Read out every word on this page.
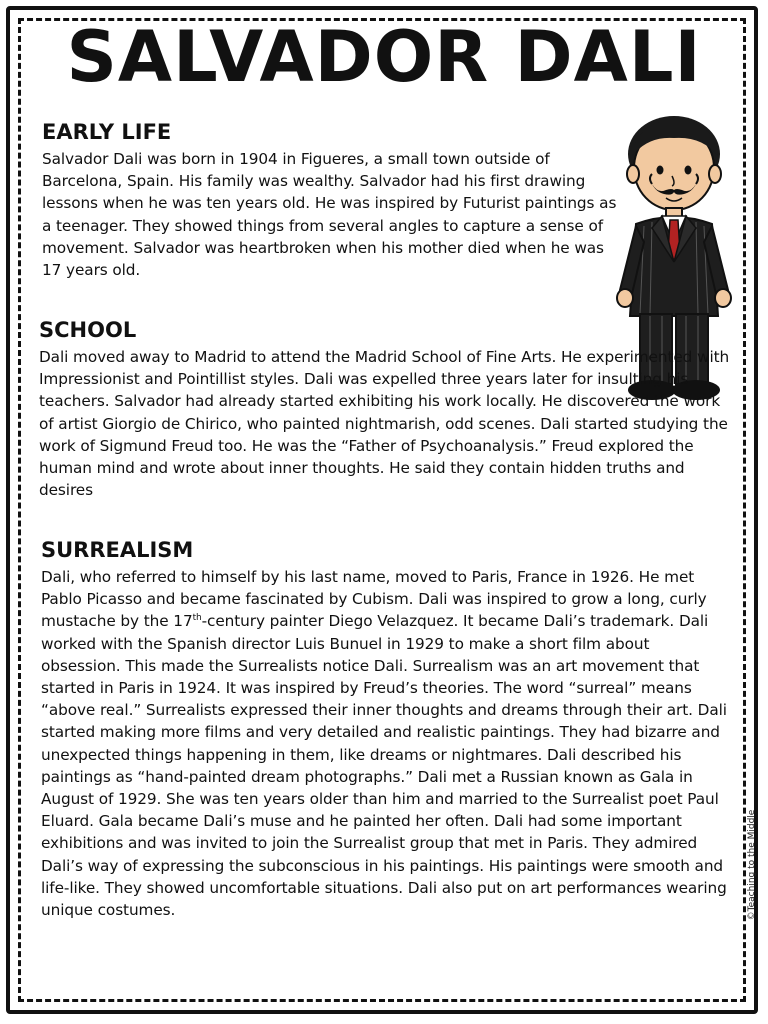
SALVADOR DALI
EARLY LIFE

Salvador Dali was born in 1904 in Figueres, a small town outside of Barcelona, Spain. His family was wealthy. Salvador had his first drawing lessons when he was ten years old. He was inspired by Futurist paintings as a teenager. They showed things from several angles to capture a sense of movement. Salvador was heartbroken when his mother died when he was 17 years old.

SCHOOL

Dali moved away to Madrid to attend the Madrid School of Fine Arts. He experimented with Impressionist and Pointillist styles. Dali was expelled three years later for insulting his teachers. Salvador had already started exhibiting his work locally. He discovered the work of artist Giorgio de Chirico, who painted nightmarish, odd scenes. Dali started studying the work of Sigmund Freud too. He was the “Father of Psychoanalysis.” Freud explored the human mind and wrote about inner thoughts. He said they contain hidden truths and desires

SURREALISM

Dali, who referred to himself by his last name, moved to Paris, France in 1926. He met Pablo Picasso and became fascinated by Cubism. Dali was inspired to grow a long, curly mustache by the 17th-century painter Diego Velazquez. It became Dali’s trademark. Dali worked with the Spanish director Luis Bunuel in 1929 to make a short film about obsession. This made the Surrealists notice Dali. Surrealism was an art movement that started in Paris in 1924. It was inspired by Freud’s theories. The word “surreal” means “above real.” Surrealists expressed their inner thoughts and dreams through their art. Dali started making more films and very detailed and realistic paintings. They had bizarre and unexpected things happening in them, like dreams or nightmares. Dali described his paintings as “hand-painted dream photographs.” Dali met a Russian known as Gala in August of 1929. She was ten years older than him and married to the Surrealist poet Paul Eluard. Gala became Dali’s muse and he painted her often. Dali had some important exhibitions and was invited to join the Surrealist group that met in Paris. They admired Dali’s way of expressing the subconscious in his paintings. His paintings were smooth and life-like. They showed uncomfortable situations. Dali also put on art performances wearing unique costumes.	©Teaching to the Middle
